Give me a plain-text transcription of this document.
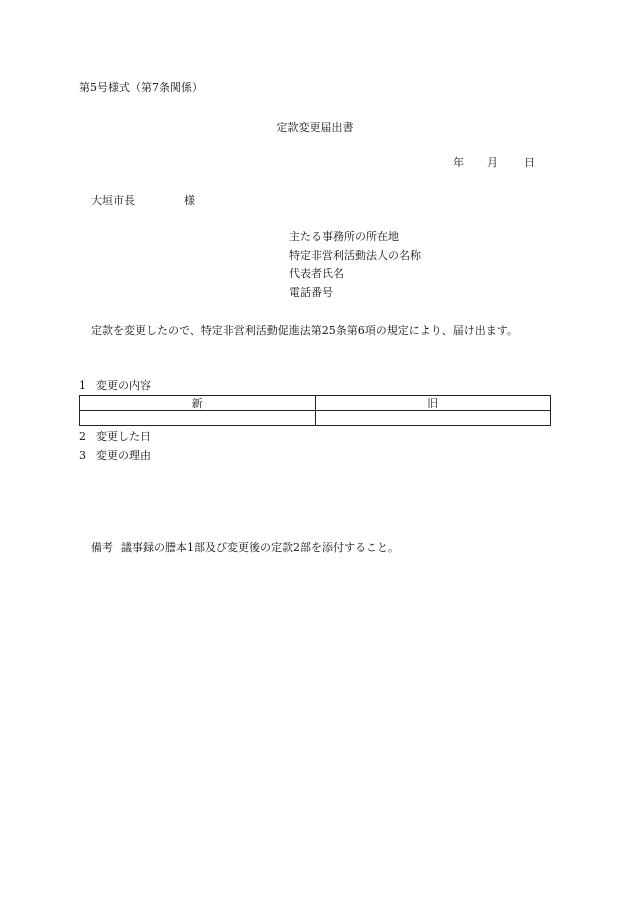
第5号様式（第7条関係）
定款変更届出書
年 月 日
大垣市長	様
主たる事務所の所在地
特定非営利活動法人の名称
代表者氏名
電話番号
定款を変更したので、特定非営利活動促進法第25条第6項の規定により、届け出ます。
1 変更の内容
新	旧

2 変更した日
3 変更の理由
備考 議事録の謄本1部及び変更後の定款2部を添付すること。
